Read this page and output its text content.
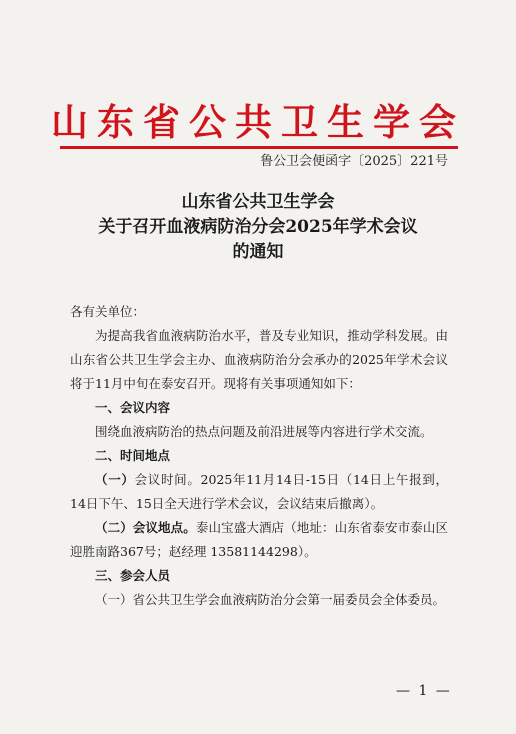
山东省公共卫生学会
鲁公卫会便函字〔2025〕221号
山东省公共卫生学会
关于召开血液病防治分会2025年学术会议
的通知

各有关单位：

为提高我省血液病防治水平，普及专业知识，推动学科发展。由山东省公共卫生学会主办、血液病防治分会承办的2025年学术会议将于11月中旬在泰安召开。现将有关事项通知如下：

一、会议内容

围绕血液病防治的热点问题及前沿进展等内容进行学术交流。

二、时间地点

（一）会议时间。2025年11月14日-15日（14日上午报到，14日下午、15日全天进行学术会议，会议结束后撤离）。

（二）会议地点。泰山宝盛大酒店（地址：山东省泰安市泰山区迎胜南路367号；赵经理 13581144298）。

三、参会人员

（一）省公共卫生学会血液病防治分会第一届委员会全体委员。

— 1 —
